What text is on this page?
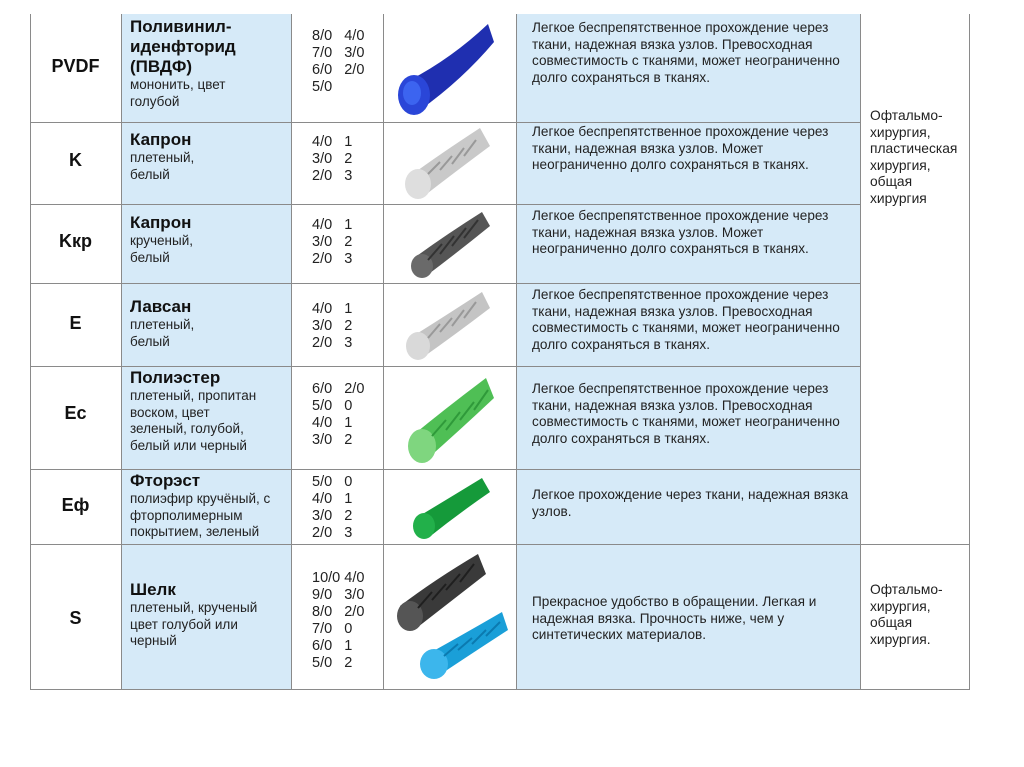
PVDF
Поливинил-иденфторид (ПВДФ)
мононить, цвет голубой
8/0   4/0
7/0   3/0
6/0   2/0
5/0
Легкое беспрепятственное прохождение через ткани, надежная вязка узлов. Превосходная совместимость с тканями, может неограниченно долго сохраняться в тканях.
K
Капрон
плетеный, белый
4/0   1
3/0   2
2/0   3
Легкое беспрепятственное прохождение через ткани, надежная вязка узлов. Может неограниченно долго сохраняться в тканях.
Kкр
Капрон
крученый, белый
4/0   1
3/0   2
2/0   3
Легкое беспрепятственное прохождение через ткани, надежная вязка узлов. Может неограниченно долго сохраняться в тканях.
E
Лавсан
плетеный, белый
4/0   1
3/0   2
2/0   3
Легкое беспрепятственное прохождение через ткани, надежная вязка узлов. Превосходная совместимость с тканями, может неограниченно долго сохраняться в тканях.
Ec
Полиэстер
плетеный, пропитан воском, цвет зеленый, голубой, белый или черный
6/0   2/0
5/0   0
4/0   1
3/0   2
Легкое беспрепятственное прохождение через ткани, надежная вязка узлов. Превосходная совместимость с тканями, может неограниченно долго сохраняться в тканях.
Eф
Фторэст
полиэфир кручёный, с фторполимерным покрытием, зеленый
5/0   0
4/0   1
3/0   2
2/0   3
Легкое прохождение через ткани, надежная вязка узлов.
S
Шелк
плетеный, крученый цвет голубой или черный
10/0 4/0
9/0   3/0
8/0   2/0
7/0   0
6/0   1
5/0   2
Прекрасное удобство в обращении. Легкая и надежная вязка. Прочность ниже, чем у синтетических материалов.
Офтальмо-хирургия, пластическая хирургия, общая хирургия
Офтальмо-хирургия, общая хирургия.
